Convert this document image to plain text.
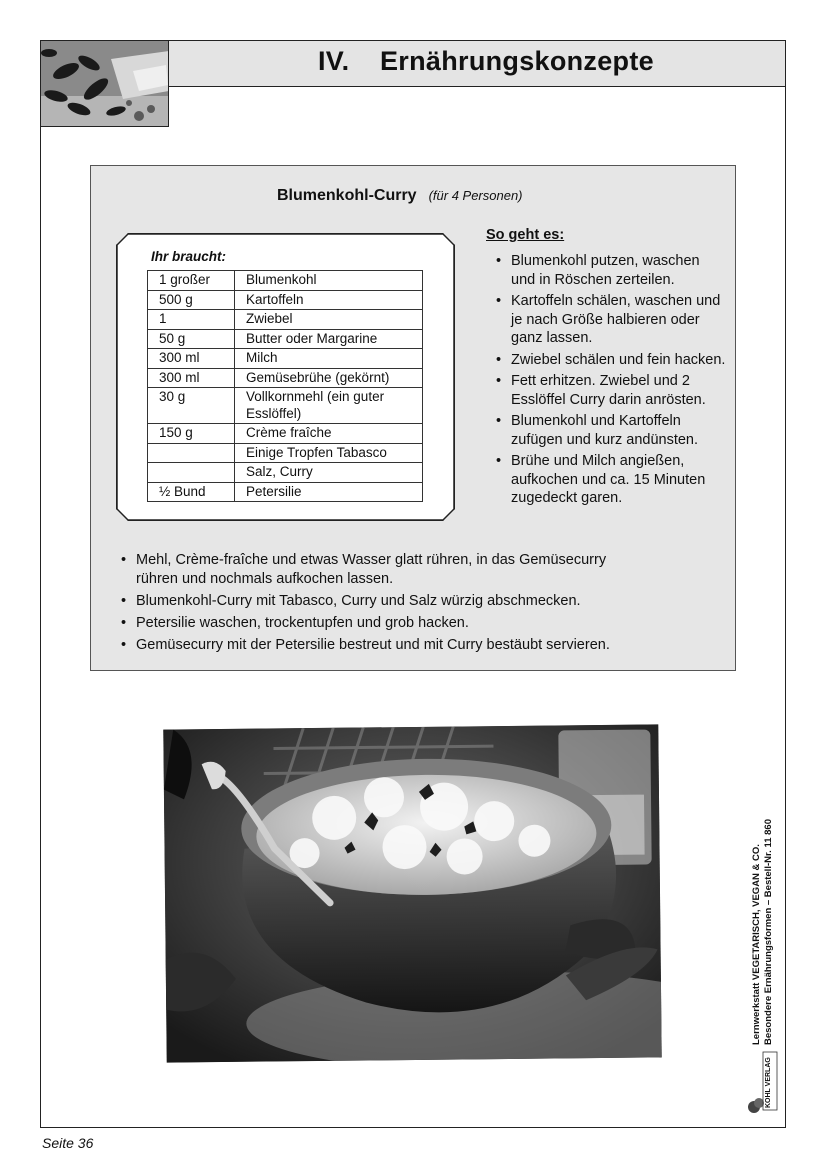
IV. Ernährungskonzepte
Blumenkohl-Curry (für 4 Personen)
Ihr braucht:
1 großer	Blumenkohl
500 g	Kartoffeln
1	Zwiebel
50 g	Butter oder Margarine
300 ml	Milch
300 ml	Gemüsebrühe (gekörnt)
30 g	Vollkornmehl (ein guter Esslöffel)
150 g	Crème fraîche
	Einige Tropfen Tabasco
	Salz, Curry
½ Bund	Petersilie
So geht es:
• Blumenkohl putzen, waschen und in Röschen zerteilen.
• Kartoffeln schälen, waschen und je nach Größe halbieren oder ganz lassen.
• Zwiebel schälen und fein hacken.
• Fett erhitzen. Zwiebel und 2 Esslöffel Curry darin anrösten.
• Blumenkohl und Kartoffeln zufügen und kurz andünsten.
• Brühe und Milch angießen, aufkochen und ca. 15 Minuten zugedeckt garen.
• Mehl, Crème-fraîche und etwas Wasser glatt rühren, in das Gemüsecurry rühren und nochmals aufkochen lassen.
• Blumenkohl-Curry mit Tabasco, Curry und Salz würzig abschmecken.
• Petersilie waschen, trockentupfen und grob hacken.
• Gemüsecurry mit der Petersilie bestreut und mit Curry bestäubt servieren.
Lernwerkstatt VEGETARISCH, VEGAN & CO. Besondere Ernährungsformen – Bestell-Nr. 11 860
KOHL VERLAG
Seite 36
